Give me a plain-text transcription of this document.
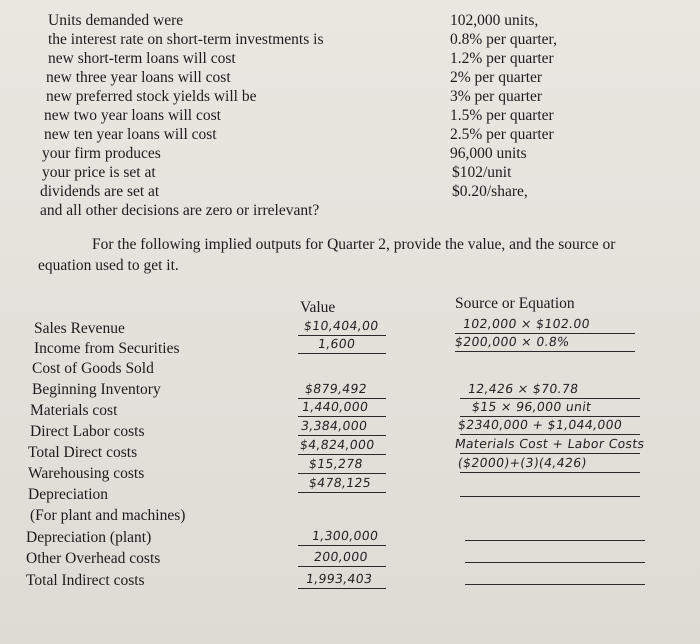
Units demanded were
the interest rate on short-term investments is
new short-term loans will cost
new three year loans will cost
new preferred stock yields will be
new two year loans will cost
new ten year loans will cost
your firm produces
your price is set at
dividends are set at
and all other decisions are zero or irrelevant?
102,000 units,
0.8% per quarter,
1.2% per quarter
2% per quarter
3% per quarter
1.5% per quarter
2.5% per quarter
96,000 units
$102/unit
$0.20/share,
For the following implied outputs for Quarter 2, provide the value, and the source or
equation used to get it.
Value	Source or Equation
Sales Revenue
Income from Securities
Cost of Goods Sold
Beginning Inventory
Materials cost
Direct Labor costs
Total Direct costs
Warehousing costs
Depreciation
(For plant and machines)
Depreciation (plant)
Other Overhead costs
Total Indirect costs
$10,404,00
1,600
$879,492
1,440,000
3,384,000
$4,824,000
$15,278
$478,125
1,300,000
200,000
1,993,403
102,000 × $102.00
$200,000 × 0.8%
12,426 × $70.78
$15 × 96,000 unit
$2340,000 + $1,044,000
Materials Cost + Labor Costs
($2000)+(3)(4,426)
